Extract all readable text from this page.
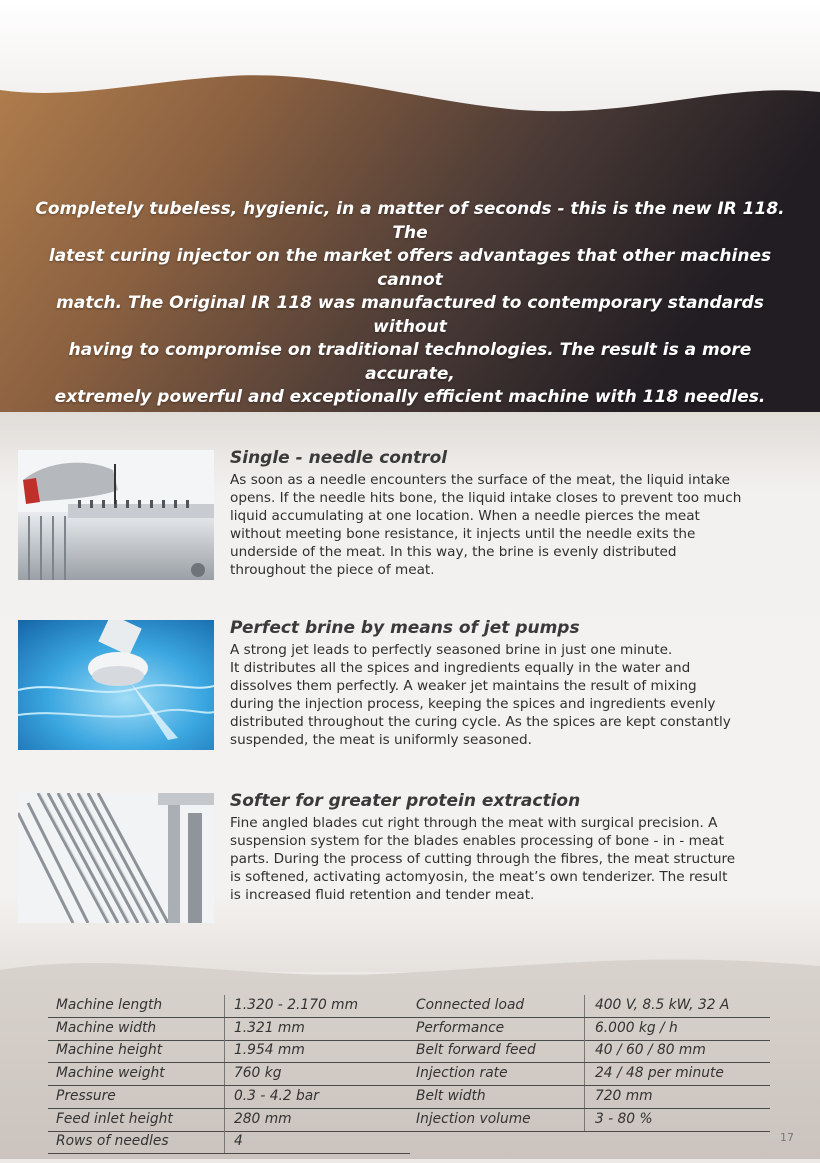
Completely tubeless, hygienic, in a matter of seconds - this is the new IR 118. The
latest curing injector on the market offers advantages that other machines cannot
match. The Original IR 118 was manufactured to contemporary standards without
having to compromise on traditional technologies. The result is a more accurate,
extremely powerful and exceptionally efficient machine with 118 needles.
Single - needle control
As soon as a needle encounters the surface of the meat, the liquid intake
opens. If the needle hits bone, the liquid intake closes to prevent too much
liquid accumulating at one location. When a needle pierces the meat
without meeting bone resistance, it injects until the needle exits the
underside of the meat. In this way, the brine is evenly distributed
throughout the piece of meat.
Perfect brine by means of jet pumps
A strong jet leads to perfectly seasoned brine in just one minute.
It distributes all the spices and ingredients equally in the water and
dissolves them perfectly. A weaker jet maintains the result of mixing
during the injection process, keeping the spices and ingredients evenly
distributed throughout the curing cycle. As the spices are kept constantly
suspended, the meat is uniformly seasoned.
Softer for greater protein extraction
Fine angled blades cut right through the meat with surgical precision. A
suspension system for the blades enables processing of bone - in - meat
parts. During the process of cutting through the fibres, the meat structure
is softened, activating actomyosin, the meat’s own tenderizer. The result
is increased fluid retention and tender meat.
Machine length	1.320 - 2.170 mm
Machine width	1.321 mm
Machine height	1.954 mm
Machine weight	760 kg
Pressure	0.3 - 4.2 bar
Feed inlet height	280 mm
Rows of needles	4
Connected load	400 V, 8.5 kW, 32 A
Performance	6.000 kg / h
Belt forward feed	40 / 60 / 80 mm
Injection rate	24 / 48 per minute
Belt width	720 mm
Injection volume	3 - 80 %
17
